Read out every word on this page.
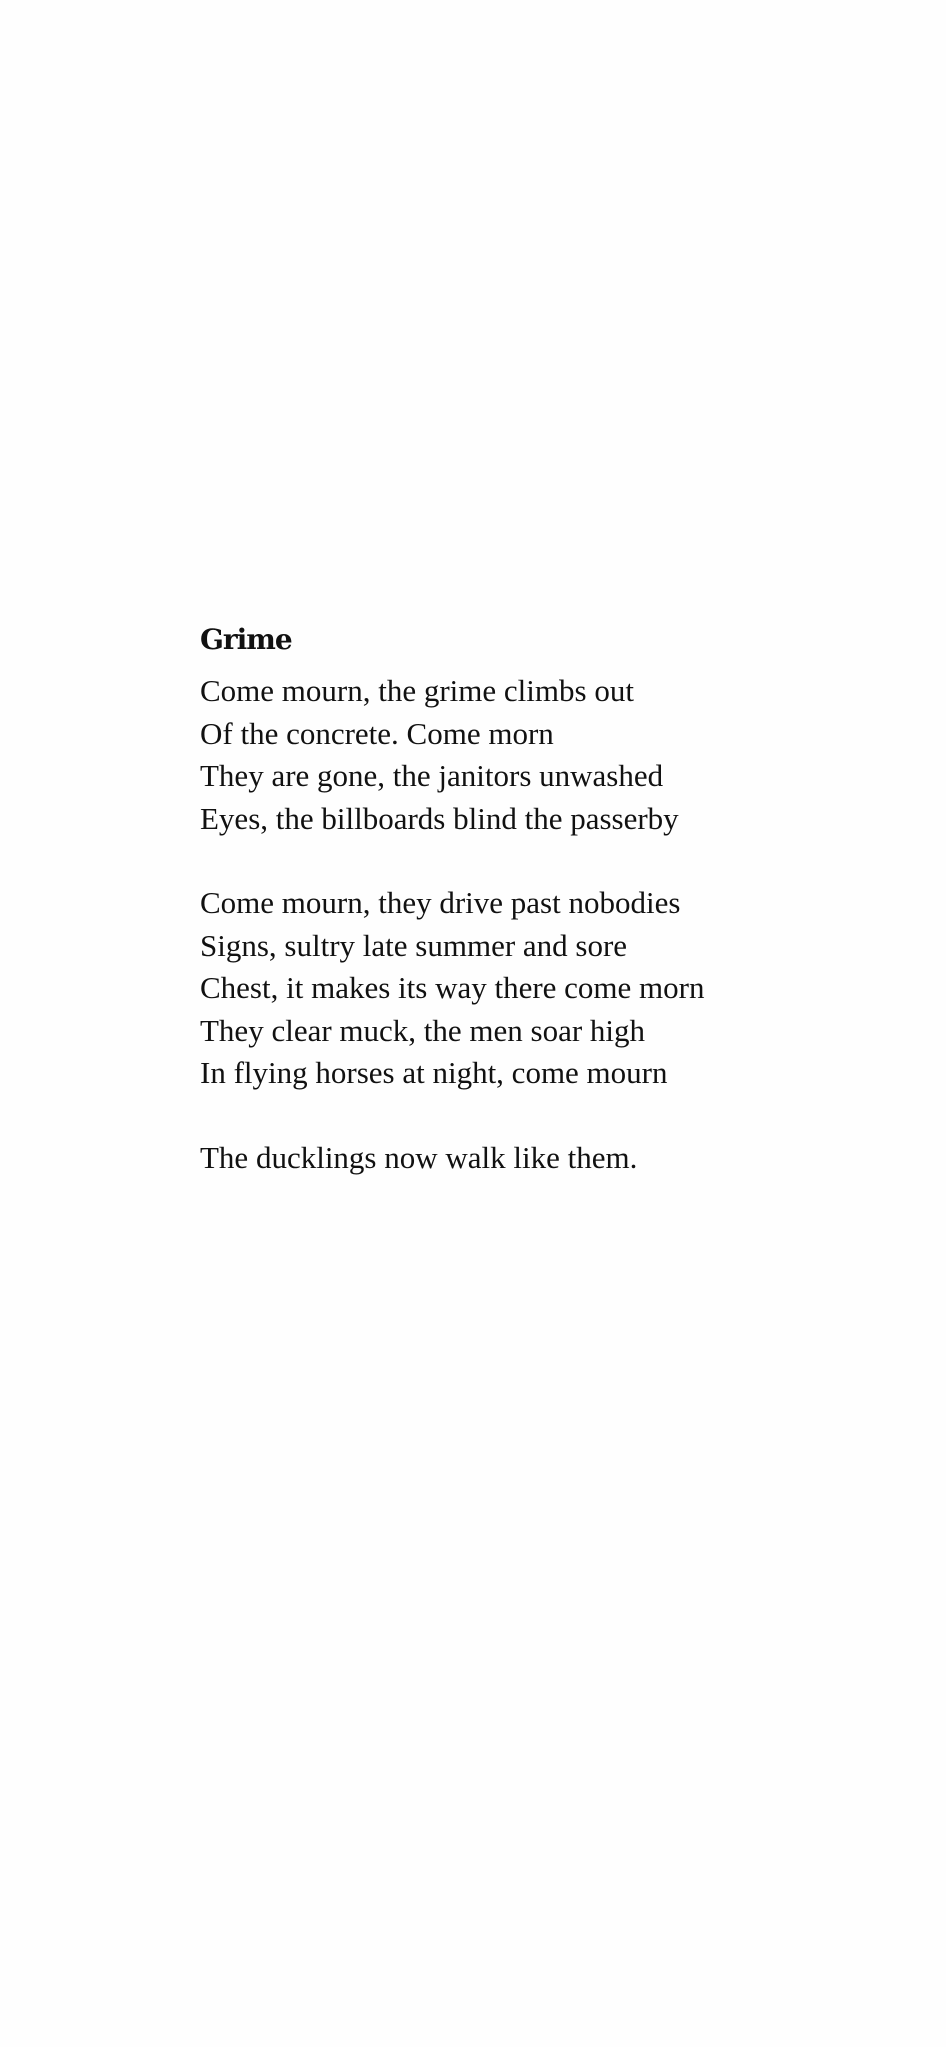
Grime
Come mourn, the grime climbs out
Of the concrete. Come morn
They are gone, the janitors unwashed
Eyes, the billboards blind the passerby
Come mourn, they drive past nobodies
Signs, sultry late summer and sore
Chest, it makes its way there come morn
They clear muck, the men soar high
In flying horses at night, come mourn
The ducklings now walk like them.
